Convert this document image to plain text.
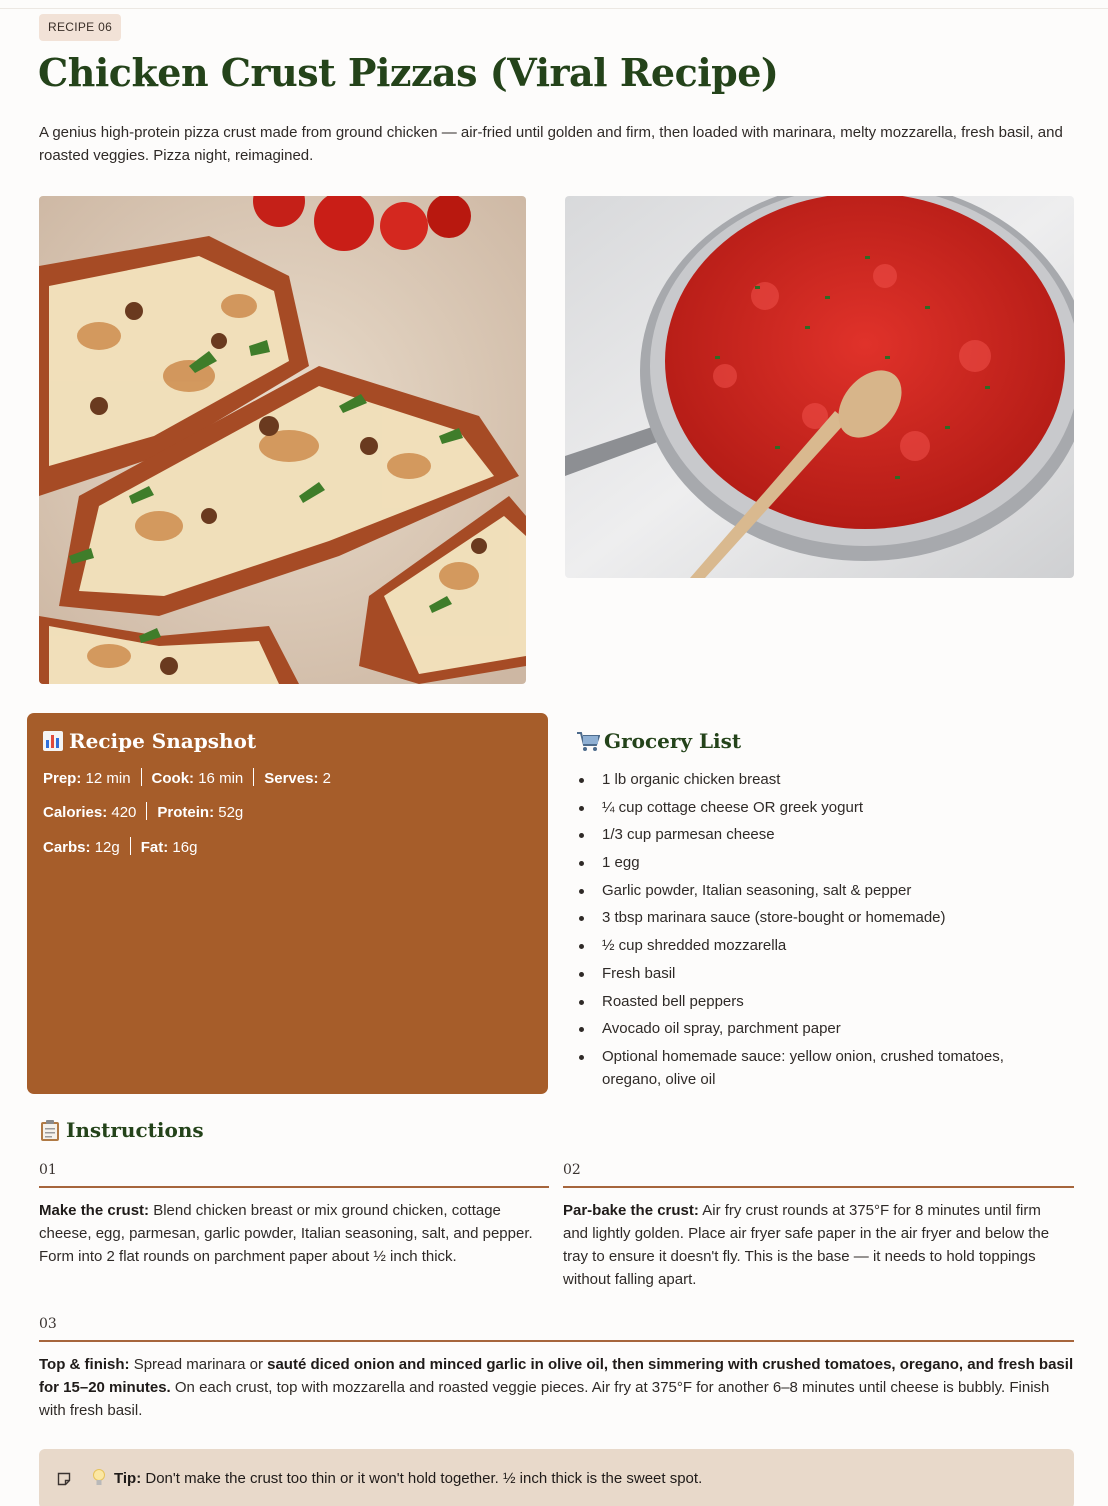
RECIPE 06
Chicken Crust Pizzas (Viral Recipe)

A genius high-protein pizza crust made from ground chicken — air-fried until golden and firm, then loaded with marinara, melty mozzarella, fresh basil, and roasted veggies. Pizza night, reimagined.

Recipe Snapshot
Prep: 12 min Cook: 16 min Serves: 2
Calories: 420 Protein: 52g
Carbs: 12g Fat: 16g
Grocery List
1 lb organic chicken breast
¼ cup cottage cheese OR greek yogurt
1/3 cup parmesan cheese
1 egg
Garlic powder, Italian seasoning, salt & pepper
3 tbsp marinara sauce (store-bought or homemade)
½ cup shredded mozzarella
Fresh basil
Roasted bell peppers
Avocado oil spray, parchment paper
Optional homemade sauce: yellow onion, crushed tomatoes, oregano, olive oil
Instructions
01
Make the crust: Blend chicken breast or mix ground chicken, cottage cheese, egg, parmesan, garlic powder, Italian seasoning, salt, and pepper. Form into 2 flat rounds on parchment paper about ½ inch thick.
02
Par-bake the crust: Air fry crust rounds at 375°F for 8 minutes until firm and lightly golden. Place air fryer safe paper in the air fryer and below the tray to ensure it doesn't fly. This is the base — it needs to hold toppings without falling apart.
03
Top & finish: Spread marinara or sauté diced onion and minced garlic in olive oil, then simmering with crushed tomatoes, oregano, and fresh basil for 15–20 minutes. On each crust, top with mozzarella and roasted veggie pieces. Air fry at 375°F for another 6–8 minutes until cheese is bubbly. Finish with fresh basil.
Tip: Don't make the crust too thin or it won't hold together. ½ inch thick is the sweet spot.
